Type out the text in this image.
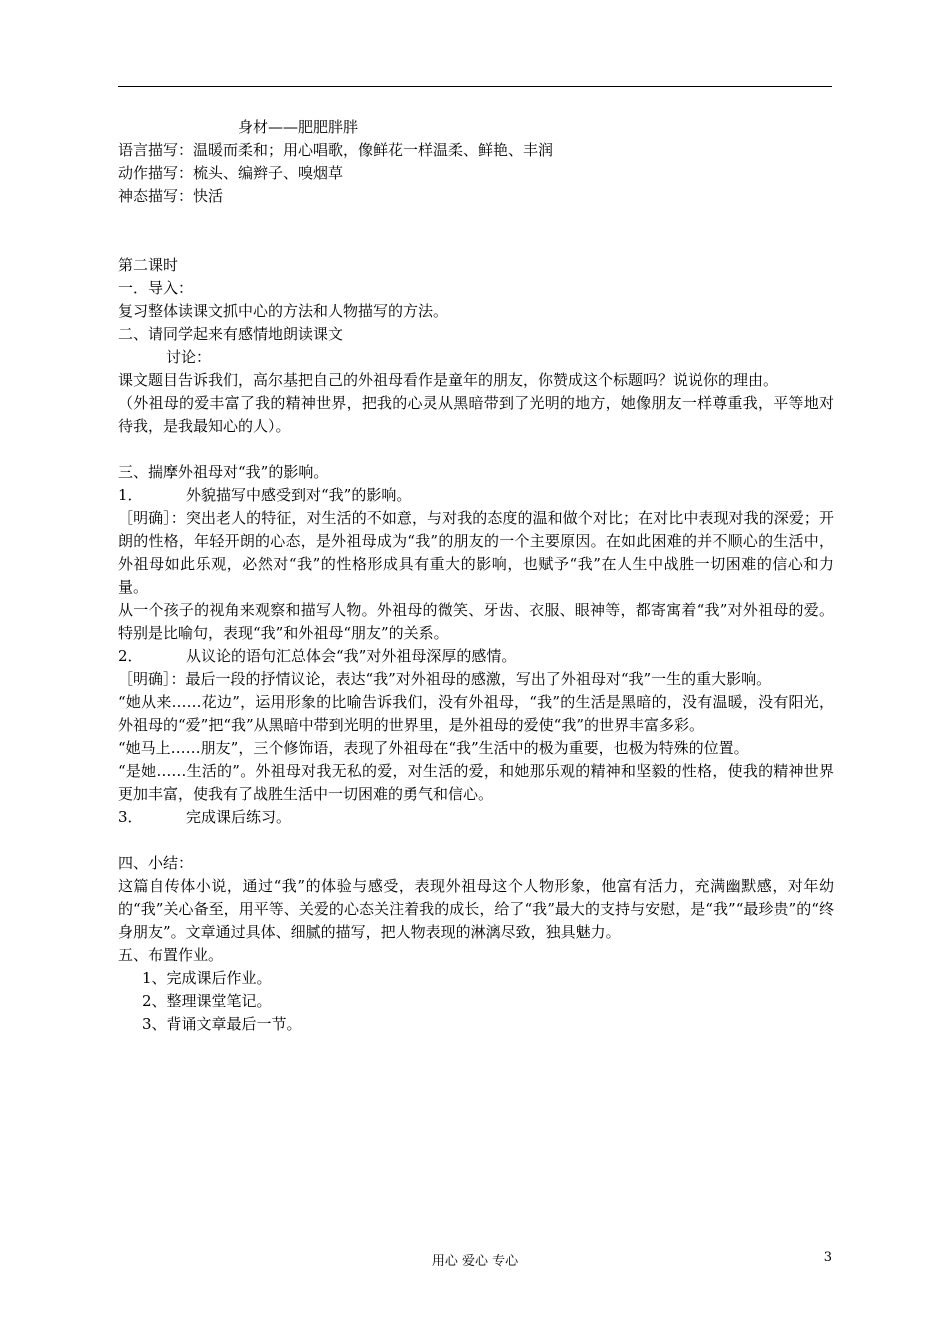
身材——肥肥胖胖

语言描写：温暖而柔和；用心唱歌，像鲜花一样温柔、鲜艳、丰润

动作描写：梳头、编辫子、嗅烟草

神态描写：快活

第二课时

一．导入：

复习整体读课文抓中心的方法和人物描写的方法。

二、请同学起来有感情地朗读课文

讨论：

课文题目告诉我们，高尔基把自己的外祖母看作是童年的朋友，你赞成这个标题吗？说说你的理由。

（外祖母的爱丰富了我的精神世界，把我的心灵从黑暗带到了光明的地方，她像朋友一样尊重我，平等地对待我，是我最知心的人）。

三、揣摩外祖母对“我”的影响。

1．	外貌描写中感受到对“我”的影响。

［明确］：突出老人的特征，对生活的不如意，与对我的态度的温和做个对比；在对比中表现对我的深爱；开朗的性格，年轻开朗的心态，是外祖母成为“我”的朋友的一个主要原因。在如此困难的并不顺心的生活中，外祖母如此乐观，必然对“我”的性格形成具有重大的影响，也赋予“我”在人生中战胜一切困难的信心和力量。

从一个孩子的视角来观察和描写人物。外祖母的微笑、牙齿、衣服、眼神等，都寄寓着“我”对外祖母的爱。特别是比喻句，表现“我”和外祖母“朋友”的关系。

2．	从议论的语句汇总体会“我”对外祖母深厚的感情。

［明确］：最后一段的抒情议论，表达“我”对外祖母的感激，写出了外祖母对“我”一生的重大影响。

“她从来……花边”，运用形象的比喻告诉我们，没有外祖母，“我”的生活是黑暗的，没有温暖，没有阳光，外祖母的“爱”把“我”从黑暗中带到光明的世界里，是外祖母的爱使“我”的世界丰富多彩。

“她马上……朋友”，三个修饰语，表现了外祖母在“我”生活中的极为重要，也极为特殊的位置。

“是她……生活的”。外祖母对我无私的爱，对生活的爱，和她那乐观的精神和坚毅的性格，使我的精神世界更加丰富，使我有了战胜生活中一切困难的勇气和信心。

3．	完成课后练习。

四、小结：

这篇自传体小说，通过“我”的体验与感受，表现外祖母这个人物形象，他富有活力，充满幽默感，对年幼的“我”关心备至，用平等、关爱的心态关注着我的成长，给了“我”最大的支持与安慰，是“我”“最珍贵”的“终身朋友”。文章通过具体、细腻的描写，把人物表现的淋漓尽致，独具魅力。

五、布置作业。

1、完成课后作业。

2、整理课堂笔记。

3、背诵文章最后一节。

用心 爱心 专心	3
